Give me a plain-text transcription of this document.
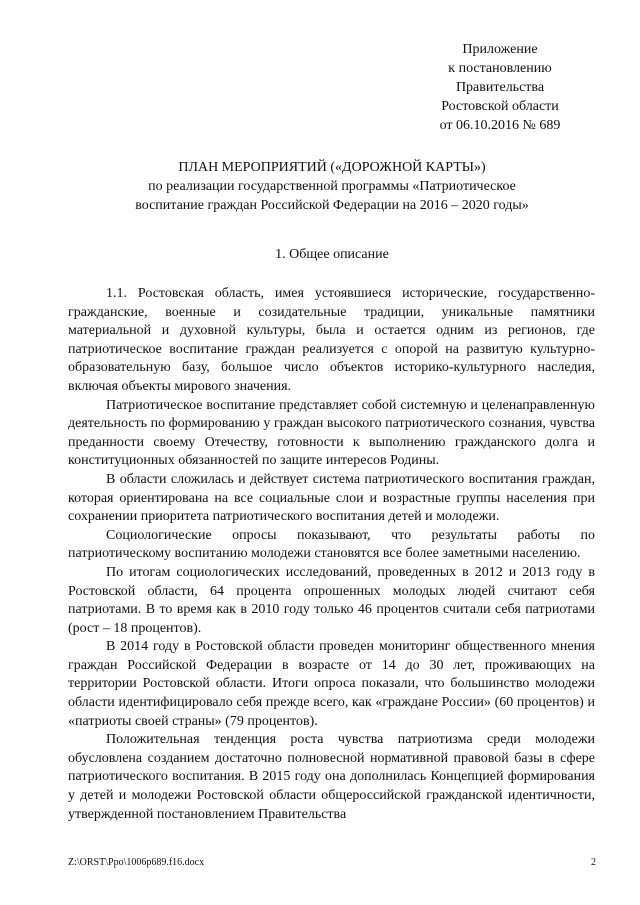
Приложение
к постановлению
Правительства
Ростовской области
от 06.10.2016 № 689
ПЛАН МЕРОПРИЯТИЙ («ДОРОЖНОЙ КАРТЫ»)
по реализации государственной программы «Патриотическое
воспитание граждан Российской Федерации на 2016 – 2020 годы»
1. Общее описание

1.1. Ростовская область, имея устоявшиеся исторические, государственно-гражданские, военные и созидательные традиции, уникальные памятники материальной и духовной культуры, была и остается одним из регионов, где патриотическое воспитание граждан реализуется с опорой на развитую культурно-образовательную базу, большое число объектов историко-культурного наследия, включая объекты мирового значения.

Патриотическое воспитание представляет собой системную и целенаправленную деятельность по формированию у граждан высокого патриотического сознания, чувства преданности своему Отечеству, готовности к выполнению гражданского долга и конституционных обязанностей по защите интересов Родины.

В области сложилась и действует система патриотического воспитания граждан, которая ориентирована на все социальные слои и возрастные группы населения при сохранении приоритета патриотического воспитания детей и молодежи.

Социологические опросы показывают, что результаты работы по патриотическому воспитанию молодежи становятся все более заметными населению.

По итогам социологических исследований, проведенных в 2012 и 2013 году в Ростовской области, 64 процента опрошенных молодых людей считают себя патриотами. В то время как в 2010 году только 46 процентов считали себя патриотами (рост – 18 процентов).

В 2014 году в Ростовской области проведен мониторинг общественного мнения граждан Российской Федерации в возрасте от 14 до 30 лет, проживающих на территории Ростовской области. Итоги опроса показали, что большинство молодежи области идентифицировало себя прежде всего, как «граждане России» (60 процентов) и «патриоты своей страны» (79 процентов).

Положительная тенденция роста чувства патриотизма среди молодежи обусловлена созданием достаточно полновесной нормативной правовой базы в сфере патриотического воспитания. В 2015 году она дополнилась Концепцией формирования у детей и молодежи Ростовской области общероссийской гражданской идентичности, утвержденной постановлением Правительства

Z:\ORST\Ppo\1006p689.f16.docx	2
